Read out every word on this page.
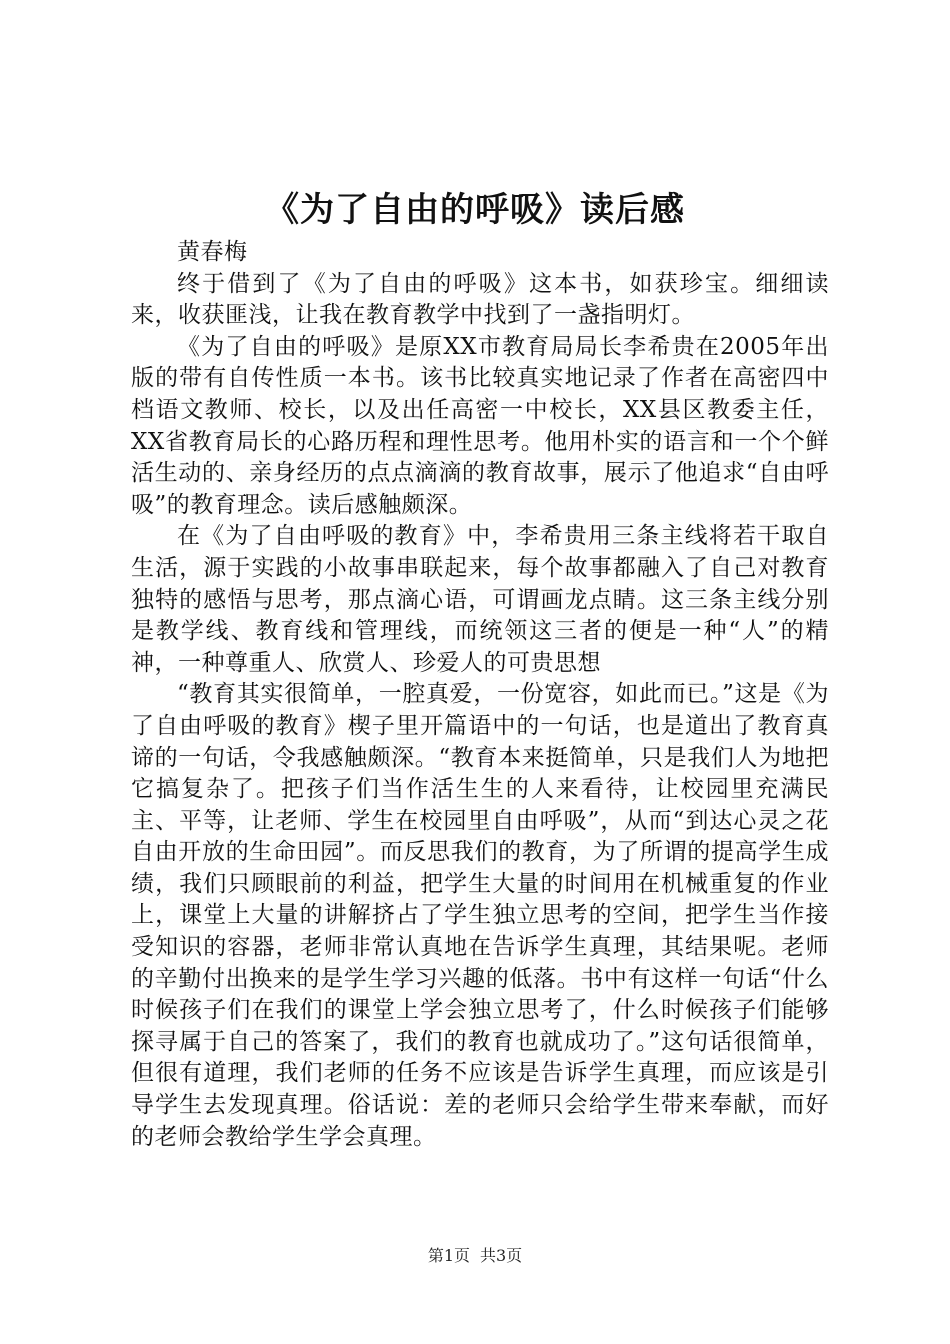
《为了自由的呼吸》读后感

黄春梅

终于借到了《为了自由的呼吸》这本书，如获珍宝。细细读来，收获匪浅，让我在教育教学中找到了一盏指明灯。

《为了自由的呼吸》是原XX市教育局局长李希贵在2005年出版的带有自传性质一本书。该书比较真实地记录了作者在高密四中档语文教师、校长，以及出任高密一中校长，XX县区教委主任，XX省教育局长的心路历程和理性思考。他用朴实的语言和一个个鲜活生动的、亲身经历的点点滴滴的教育故事，展示了他追求“自由呼吸”的教育理念。读后感触颇深。

在《为了自由呼吸的教育》中，李希贵用三条主线将若干取自生活，源于实践的小故事串联起来，每个故事都融入了自己对教育独特的感悟与思考，那点滴心语，可谓画龙点睛。这三条主线分别是教学线、教育线和管理线，而统领这三者的便是一种“人”的精神，一种尊重人、欣赏人、珍爱人的可贵思想

“教育其实很简单，一腔真爱，一份宽容，如此而已。”这是《为了自由呼吸的教育》楔子里开篇语中的一句话，也是道出了教育真谛的一句话，令我感触颇深。“教育本来挺简单，只是我们人为地把它搞复杂了。把孩子们当作活生生的人来看待，让校园里充满民主、平等，让老师、学生在校园里自由呼吸”，从而“到达心灵之花自由开放的生命田园”。而反思我们的教育，为了所谓的提高学生成绩，我们只顾眼前的利益，把学生大量的时间用在机械重复的作业上，课堂上大量的讲解挤占了学生独立思考的空间，把学生当作接受知识的容器，老师非常认真地在告诉学生真理，其结果呢。老师的辛勤付出换来的是学生学习兴趣的低落。书中有这样一句话“什么时候孩子们在我们的课堂上学会独立思考了，什么时候孩子们能够探寻属于自己的答案了，我们的教育也就成功了。”这句话很简单，但很有道理，我们老师的任务不应该是告诉学生真理，而应该是引导学生去发现真理。俗话说：差的老师只会给学生带来奉献，而好的老师会教给学生学会真理。

第1页 共3页
